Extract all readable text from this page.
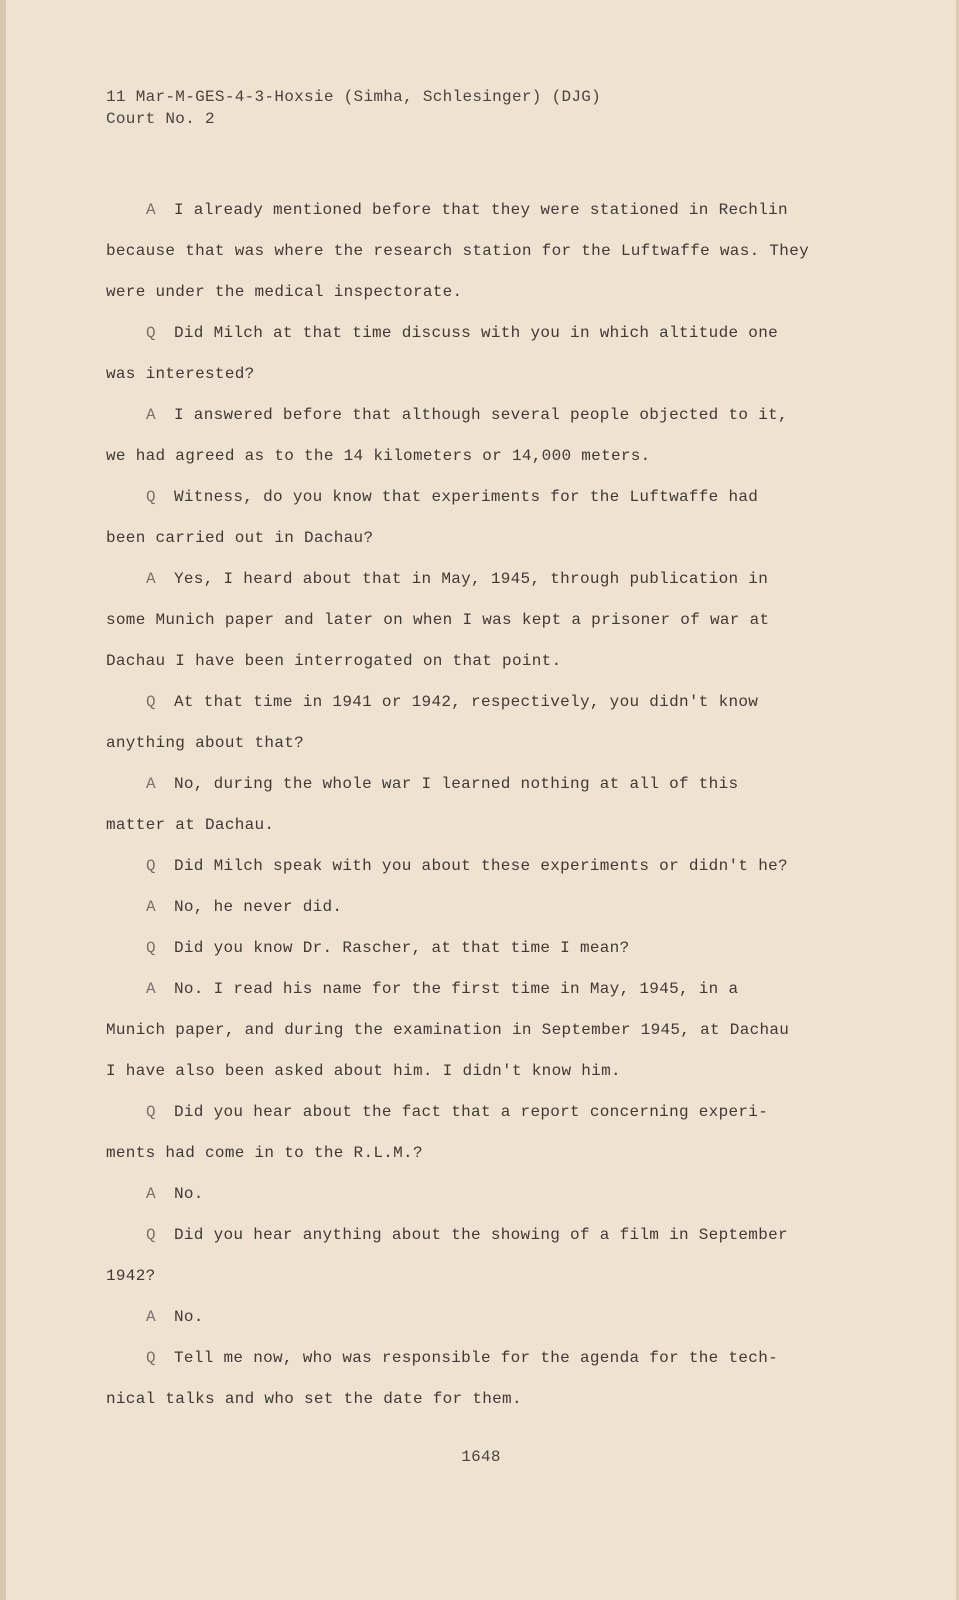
11 Mar-M-GES-4-3-Hoxsie (Simha, Schlesinger) (DJG)
Court No. 2
A I already mentioned before that they were stationed in Rechlin
because that was where the research station for the Luftwaffe was. They
were under the medical inspectorate.
Q Did Milch at that time discuss with you in which altitude one
was interested?
A I answered before that although several people objected to it,
we had agreed as to the 14 kilometers or 14,000 meters.
Q Witness, do you know that experiments for the Luftwaffe had
been carried out in Dachau?
A Yes, I heard about that in May, 1945, through publication in
some Munich paper and later on when I was kept a prisoner of war at
Dachau I have been interrogated on that point.
Q At that time in 1941 or 1942, respectively, you didn't know
anything about that?
A No, during the whole war I learned nothing at all of this
matter at Dachau.
Q Did Milch speak with you about these experiments or didn't he?
A No, he never did.
Q Did you know Dr. Rascher, at that time I mean?
A No. I read his name for the first time in May, 1945, in a
Munich paper, and during the examination in September 1945, at Dachau
I have also been asked about him. I didn't know him.
Q Did you hear about the fact that a report concerning experi-
ments had come in to the R.L.M.?
A No.
Q Did you hear anything about the showing of a film in September
1942?
A No.
Q Tell me now, who was responsible for the agenda for the tech-
nical talks and who set the date for them.
1648
